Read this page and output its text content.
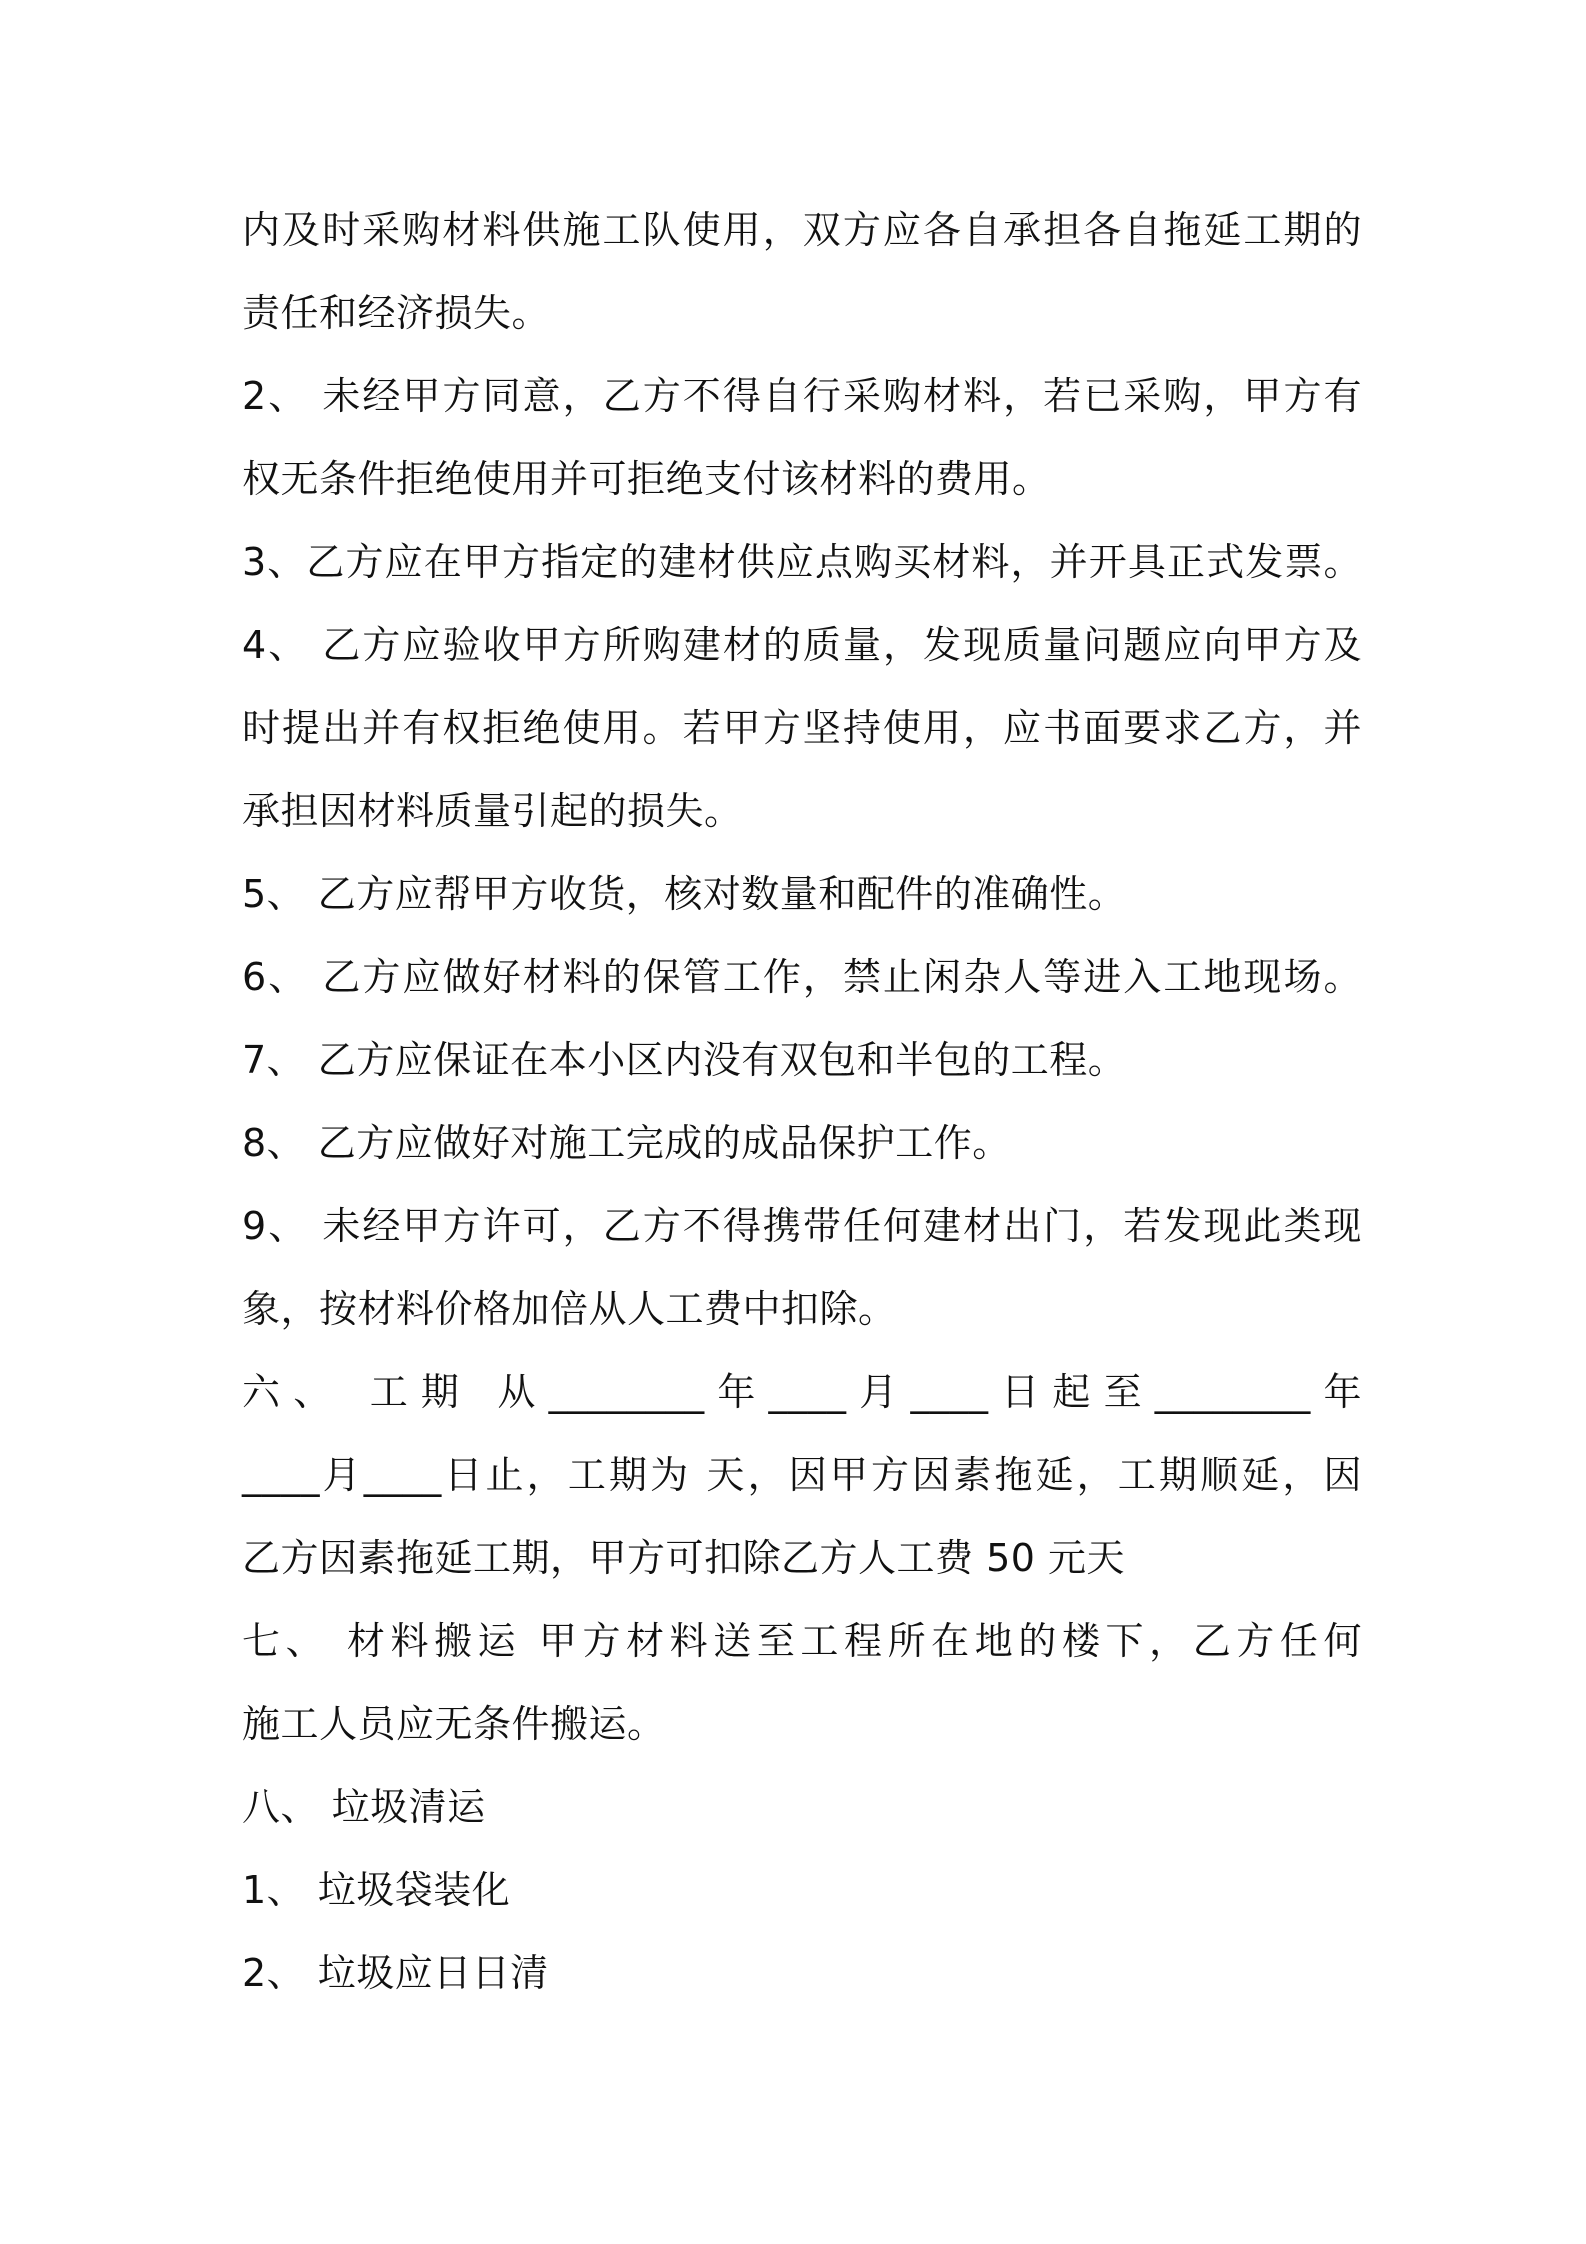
内及时采购材料供施工队使用，双方应各自承担各自拖延工期的
责任和经济损失。
2、 未经甲方同意，乙方不得自行采购材料，若已采购，甲方有
权无条件拒绝使用并可拒绝支付该材料的费用。
3、乙方应在甲方指定的建材供应点购买材料，并开具正式发票。
4、 乙方应验收甲方所购建材的质量，发现质量问题应向甲方及
时提出并有权拒绝使用。若甲方坚持使用，应书面要求乙方，并
承担因材料质量引起的损失。
5、 乙方应帮甲方收货，核对数量和配件的准确性。
6、 乙方应做好材料的保管工作，禁止闲杂人等进入工地现场。
7、 乙方应保证在本小区内没有双包和半包的工程。
8、 乙方应做好对施工完成的成品保护工作。
9、 未经甲方许可，乙方不得携带任何建材出门，若发现此类现
象，按材料价格加倍从人工费中扣除。
六、 工期 从________年____月____日起至________年
____月____日止，工期为 天，因甲方因素拖延，工期顺延，因
乙方因素拖延工期，甲方可扣除乙方人工费 50 元天
七、 材料搬运 甲方材料送至工程所在地的楼下，乙方任何
施工人员应无条件搬运。
八、 垃圾清运
1、 垃圾袋装化
2、 垃圾应日日清
